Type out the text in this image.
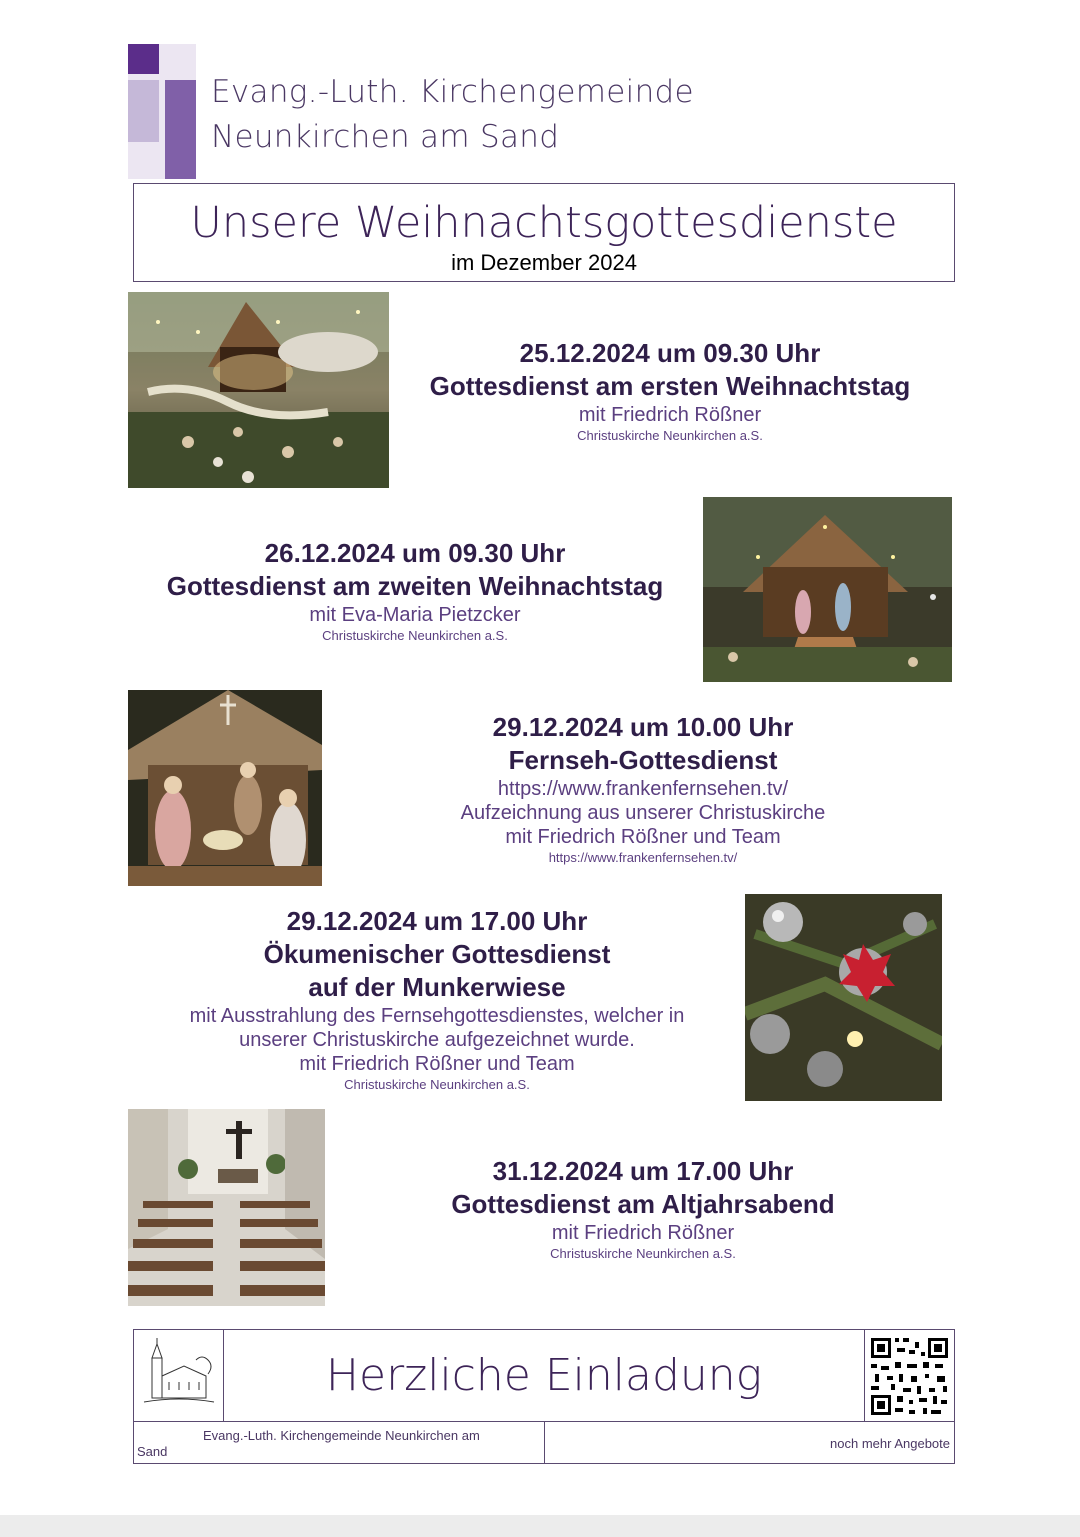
Evang.-Luth. Kirchengemeinde
Neunkirchen am Sand
Unsere Weihnachtsgottesdienste
im Dezember 2024
25.12.2024 um 09.30 Uhr
Gottesdienst am ersten Weihnachtstag
mit Friedrich Rößner
Christuskirche Neunkirchen a.S.
26.12.2024 um 09.30 Uhr
Gottesdienst am zweiten Weihnachtstag
mit Eva-Maria Pietzcker
Christuskirche Neunkirchen a.S.
29.12.2024 um 10.00 Uhr
Fernseh-Gottesdienst
https://www.frankenfernsehen.tv/
Aufzeichnung aus unserer Christuskirche
mit Friedrich Rößner und Team
https://www.frankenfernsehen.tv/
29.12.2024 um 17.00 Uhr
Ökumenischer Gottesdienst
auf der Munkerwiese
mit Ausstrahlung des Fernsehgottesdienstes, welcher in
unserer Christuskirche aufgezeichnet wurde.
mit Friedrich Rößner und Team
Christuskirche Neunkirchen a.S.
31.12.2024 um 17.00 Uhr
Gottesdienst am Altjahrsabend
mit Friedrich Rößner
Christuskirche Neunkirchen a.S.
Herzliche Einladung
Evang.-Luth. Kirchengemeinde Neunkirchen am
Sand
noch mehr Angebote
